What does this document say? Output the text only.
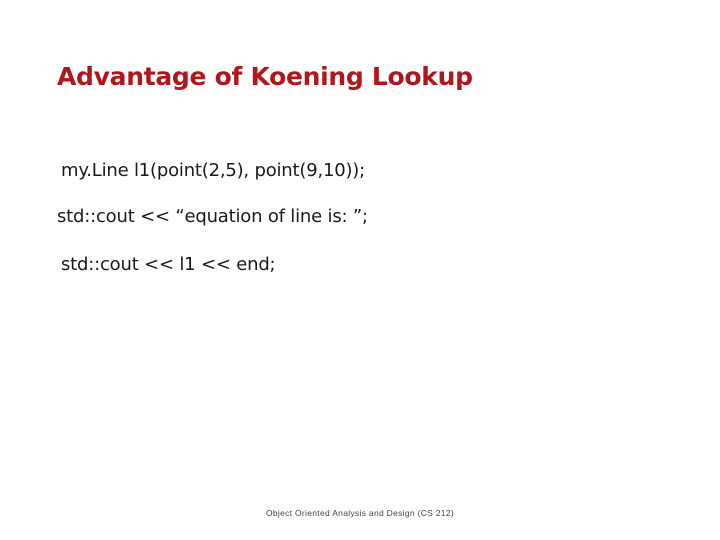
Advantage of Koening Lookup
my.Line l1(point(2,5), point(9,10));
std::cout << “equation of line is: ”;
std::cout << l1 << end;
Object Oriented Analysis and Design (CS 212)
